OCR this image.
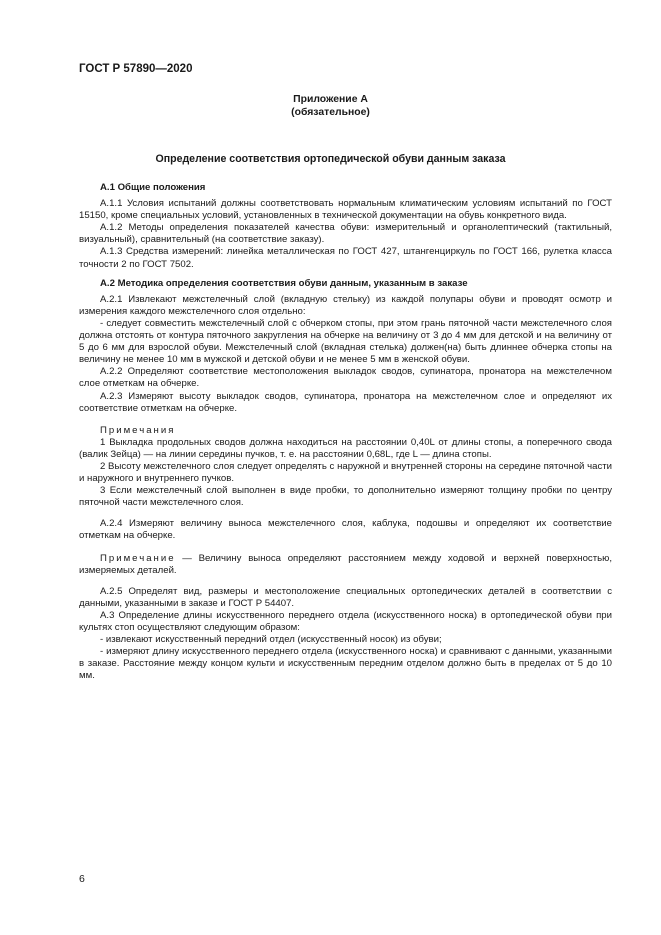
ГОСТ Р 57890—2020
Приложение А
(обязательное)
Определение соответствия ортопедической обуви данным заказа

А.1 Общие положения

А.1.1 Условия испытаний должны соответствовать нормальным климатическим условиям испытаний по ГОСТ 15150, кроме специальных условий, установленных в технической документации на обувь конкретного вида.

А.1.2 Методы определения показателей качества обуви: измерительный и органолептический (тактильный, визуальный), сравнительный (на соответствие заказу).

А.1.3 Средства измерений: линейка металлическая по ГОСТ 427, штангенциркуль по ГОСТ 166, рулетка класса точности 2 по ГОСТ 7502.

А.2 Методика определения соответствия обуви данным, указанным в заказе

А.2.1 Извлекают межстелечный слой (вкладную стельку) из каждой полупары обуви и проводят осмотр и измерения каждого межстелечного слоя отдельно:

- следует совместить межстелечный слой с обчерком стопы, при этом грань пяточной части межстелечного слоя должна отстоять от контура пяточного закругления на обчерке на величину от 3 до 4 мм для детской и на величину от 5 до 6 мм для взрослой обуви. Межстелечный слой (вкладная стелька) должен(на) быть длиннее обчерка стопы на величину не менее 10 мм в мужской и детской обуви и не менее 5 мм в женской обуви.

А.2.2 Определяют соответствие местоположения выкладок сводов, супинатора, пронатора на межстелечном слое отметкам на обчерке.

А.2.3 Измеряют высоту выкладок сводов, супинатора, пронатора на межстелечном слое и определяют их соответствие отметкам на обчерке.

Примечания

1 Выкладка продольных сводов должна находиться на расстоянии 0,40L от длины стопы, а поперечного свода (валик Зейца) — на линии середины пучков, т. е. на расстоянии 0,68L, где L — длина стопы.

2 Высоту межстелечного слоя следует определять с наружной и внутренней стороны на середине пяточной части и наружного и внутреннего пучков.

3 Если межстелечный слой выполнен в виде пробки, то дополнительно измеряют толщину пробки по центру пяточной части межстелечного слоя.

А.2.4 Измеряют величину выноса межстелечного слоя, каблука, подошвы и определяют их соответствие отметкам на обчерке.

Примечание — Величину выноса определяют расстоянием между ходовой и верхней поверхностью, измеряемых деталей.

А.2.5 Определят вид, размеры и местоположение специальных ортопедических деталей в соответствии с данными, указанными в заказе и ГОСТ Р 54407.

А.3 Определение длины искусственного переднего отдела (искусственного носка) в ортопедической обуви при культях стоп осуществляют следующим образом:

- извлекают искусственный передний отдел (искусственный носок) из обуви;

- измеряют длину искусственного переднего отдела (искусственного носка) и сравнивают с данными, указанными в заказе. Расстояние между концом культи и искусственным передним отделом должно быть в пределах от 5 до 10 мм.

6
